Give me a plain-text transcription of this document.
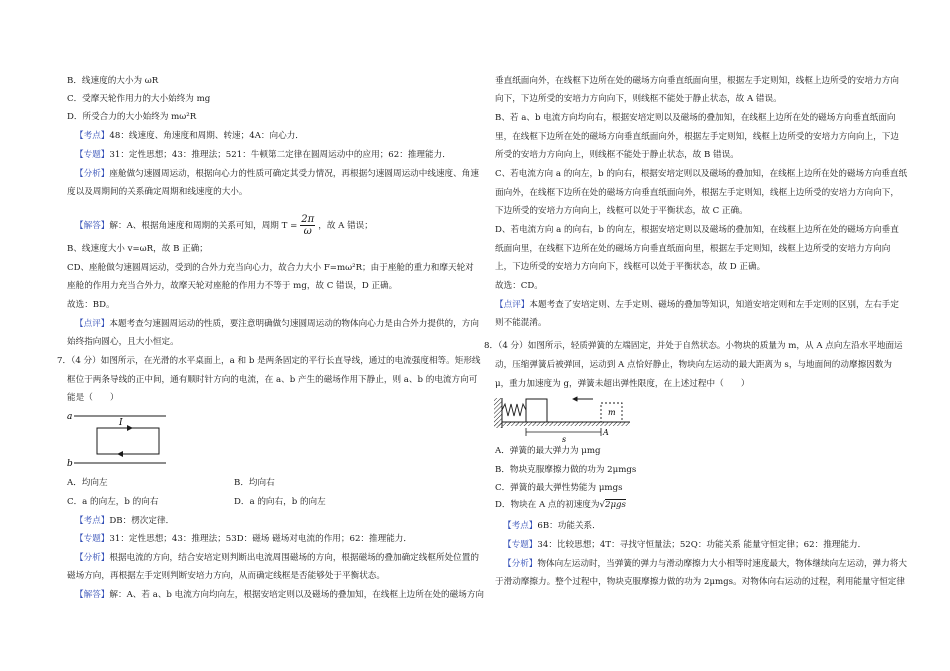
B．线速度的大小为 ωR
C．受摩天轮作用力的大小始终为 mg
D．所受合力的大小始终为 mω²R
【考点】48：线速度、角速度和周期、转速；4A：向心力．
【专题】31：定性思想；43：推理法；521：牛顿第二定律在圆周运动中的应用；62：推理能力．
【分析】座舱做匀速圆周运动，根据向心力的性质可确定其受力情况，再根据匀速圆周运动中线速度、角速
度以及周期间的关系确定周期和线速度的大小。
【解答】解：A、根据角速度和周期的关系可知，周期 $T = \frac{2\pi}{\omega}$ ，故 A 错误；
B、线速度大小 v=ωR，故 B 正确；
CD、座舱做匀速圆周运动，受到的合外力充当向心力，故合力大小 F=mω²R；由于座舱的重力和摩天轮对
座舱的作用力充当合外力，故摩天轮对座舱的作用力不等于 mg，故 C 错误，D 正确。
故选：BD。
【点评】本题考查匀速圆周运动的性质，要注意明确做匀速圆周运动的物体向心力是由合外力提供的，方向
始终指向圆心，且大小恒定。
7．（4 分）如图所示，在光滑的水平桌面上，a 和 b 是两条固定的平行长直导线，通过的电流强度相等。矩形线
框位于两条导线的正中间，通有顺时针方向的电流，在 a、b 产生的磁场作用下静止，则 a、b 的电流方向可
能是（　　）
a
I
b
A．均向左	B．均向右
C．a 的向左，b 的向右	D．a 的向右，b 的向左
【考点】DB：楞次定律．
【专题】31：定性思想；43：推理法；53D：磁场 磁场对电流的作用；62：推理能力．
【分析】根据电流的方向，结合安培定则判断出电流周围磁场的方向，根据磁场的叠加确定线框所处位置的
磁场方向，再根据左手定则判断安培力方向，从而确定线框是否能够处于平衡状态。
【解答】解：A、若 a、b 电流方向均向左，根据安培定则以及磁场的叠加知，在线框上边所在处的磁场方向
垂直纸面向外，在线框下边所在处的磁场方向垂直纸面向里，根据左手定则知，线框上边所受的安培力方向
向下，下边所受的安培力方向向下，则线框不能处于静止状态，故 A 错误。
B、若 a、b 电流方向均向右，根据安培定则以及磁场的叠加知，在线框上边所在处的磁场方向垂直纸面向
里，在线框下边所在处的磁场方向垂直纸面向外，根据左手定则知，线框上边所受的安培力方向向上，下边
所受的安培力方向向上，则线框不能处于静止状态，故 B 错误。
C、若电流方向 a 的向左，b 的向右，根据安培定则以及磁场的叠加知，在线框上边所在处的磁场方向垂直纸
面向外，在线框下边所在处的磁场方向垂直纸面向外，根据左手定则知，线框上边所受的安培力方向向下，
下边所受的安培力方向向上，线框可以处于平衡状态，故 C 正确。
D、若电流方向 a 的向右，b 的向左，根据安培定则以及磁场的叠加知，在线框上边所在处的磁场方向垂直
纸面向里，在线框下边所在处的磁场方向垂直纸面向里，根据左手定则知，线框上边所受的安培力方向向
上，下边所受的安培力方向向下，线框可以处于平衡状态，故 D 正确。
故选：CD。
【点评】本题考查了安培定则、左手定则、磁场的叠加等知识，知道安培定则和左手定则的区别，左右手定
则不能混淆。
8．（4 分）如图所示，轻质弹簧的左端固定，并处于自然状态。小物块的质量为 m，从 A 点向左沿水平地面运
动，压缩弹簧后被弹回，运动到 A 点恰好静止，物块向左运动的最大距离为 s，与地面间的动摩擦因数为
μ，重力加速度为 g，弹簧未超出弹性限度，在上述过程中（　　）
m
s
A
A．弹簧的最大弹力为 μmg
B．物块克服摩擦力做的功为 2μmgs
C．弹簧的最大弹性势能为 μmgs
D．物块在 A 点的初速度为√2μgs
【考点】6B：功能关系．
【专题】34：比较思想；4T：寻找守恒量法；52Q：功能关系 能量守恒定律；62：推理能力．
【分析】物体向左运动时，当弹簧的弹力与滑动摩擦力大小相等时速度最大，物体继续向左运动，弹力将大
于滑动摩擦力。整个过程中，物块克服摩擦力做的功为 2μmgs。对物体向右运动的过程，利用能量守恒定律
